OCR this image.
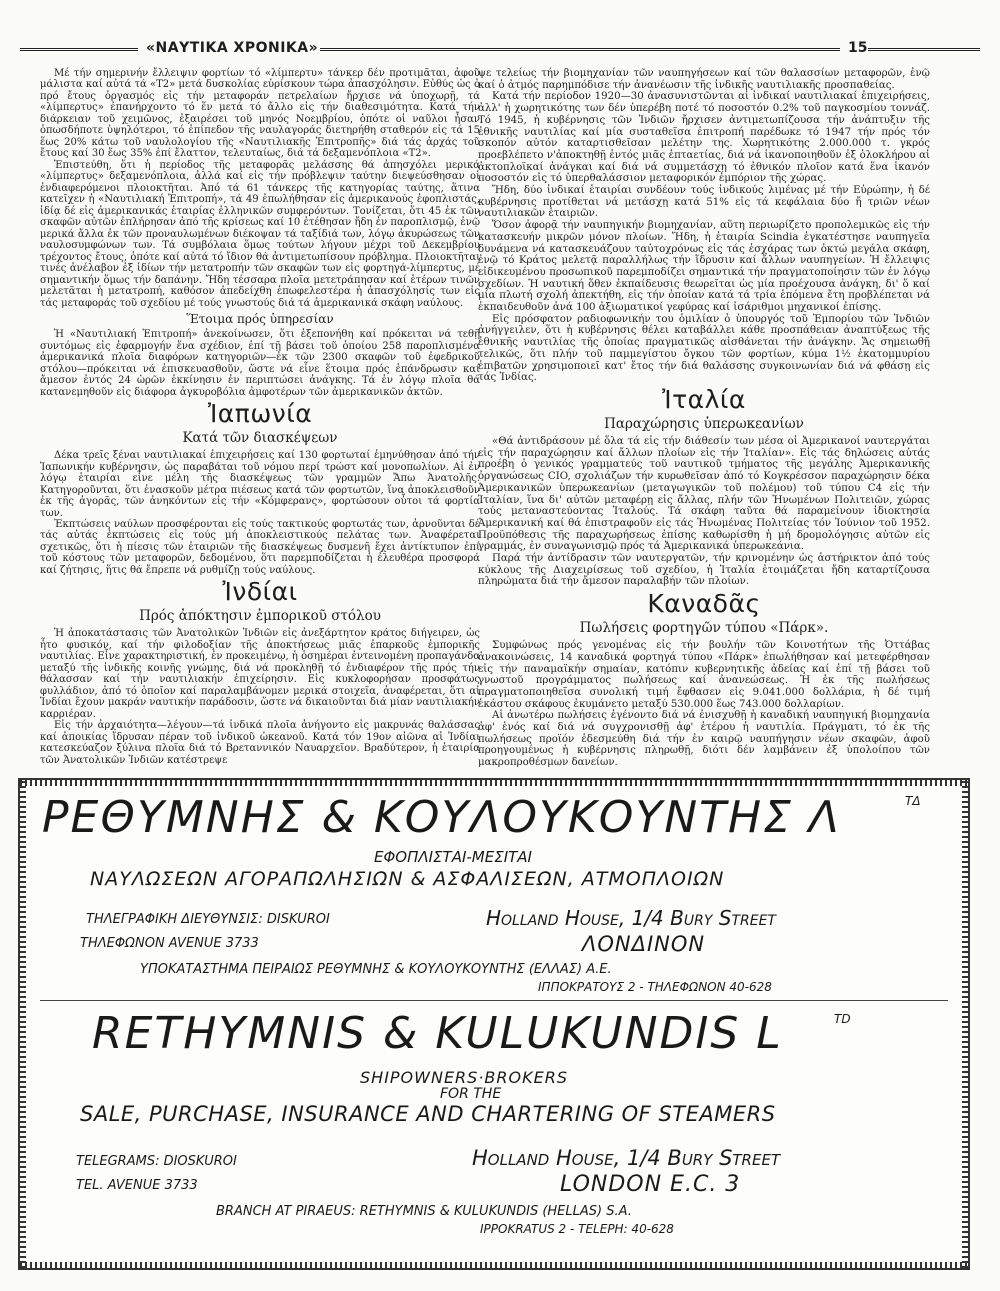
«ΝΑΥΤΙΚΑ ΧΡΟΝΙΚΑ»	15

Μέ τήν σημερινήν ἔλλειψιν φορτίων τό «λίμπερτυ» τάνκερ δέν προτιμᾶται, ἀφοῦ μάλιστα καί αὐτά τά «Τ2» μετά δυσκολίας εὑρίσκουν τώρα ἀπασχόλησιν. Εὐθύς ὡς ὁ πρό ἔτους ὀργασμός εἰς τήν μεταφοράν πετρελαίων ἤρχισε νά ὑποχωρῇ, τά «λίμπερτυς» ἐπανήρχοντο τό ἕν μετά τό ἄλλο εἰς τήν διαθεσιμότητα. Κατά τήν διάρκειαν τοῦ χειμῶνος, ἐξαιρέσει τοῦ μηνός Νοεμβρίου, ὁπότε οἱ ναῦλοι ἦσαν ὁπωσδήποτε ὑψηλότεροι, τό ἐπίπεδον τῆς ναυλαγοράς διετηρήθη σταθερόν εἰς τά 15 ἕως 20% κάτω τοῦ ναυλολογίου τῆς «Ναυτιλιακῆς Ἐπιτροπῆς» διά τάς ἀρχάς τοῦ ἔτους καί 30 ἕως 35% ἐπί ἔλαττον, τελευταίως, διά τά δεξαμενόπλοια «Τ2».

Ἐπιστεύθη, ὅτι ἡ περίοδος τῆς μεταφορᾶς μελάσσης θά ἀπησχόλει μερικά «λίμπερτυς» δεξαμενόπλοια, ἀλλά καί εἰς τήν πρόβλεψιν ταύτην διεψεύσθησαν οἱ ἐνδιαφερόμενοι πλοιοκτῆται. Ἀπό τά 61 τάνκερς τῆς κατηγορίας ταύτης, ἅτινα κατεῖχεν ἡ «Ναυτιλιακή Ἐπιτροπή», τά 49 ἐπωλήθησαν εἰς ἀμερικανούς ἐφοπλιστάς, ἰδίᾳ δέ εἰς ἀμερικανικάς ἑταιρίας ἑλληνικῶν συμφερόντων. Τονίζεται, ὅτι 45 ἐκ τῶν σκαφῶν αὐτῶν ἐπλήρησαν ἀπό τῆς κρίσεως καί 10 ἐτέθησαν ἤδη ἐν παροπλισμῷ, ἐνῷ μερικά ἄλλα ἐκ τῶν προναυλωμένων διέκοψαν τά ταξίδιά των, λόγῳ ἀκυρώσεως τῶν ναυλοσυμφώνων των. Τά συμβόλαια ὅμως τούτων λήγουν μέχρι τοῦ Δεκεμβρίου τρέχοντος ἔτους, ὁπότε καί αὐτά τό ἴδιον θά ἀντιμετωπίσουν πρόβλημα. Πλοιοκτῆται τινές ἀνέλαβον ἐξ ἰδίων τήν μετατροπήν τῶν σκαφῶν των εἰς φορτηγά-λίμπερτυς, μέ σημαντικήν ὅμως τήν δαπάνην. Ἤδη τέσσαρα πλοῖα μετετράπησαν καί ἑτέρων τινῶν μελετᾶται ἡ μετατροπή, καθόσον ἀπεδείχθη ἐπωφελεστέρα ἡ ἀπασχόλησίς των εἰς τάς μεταφοράς τοῦ σχεδίου μέ τούς γνωστούς διά τά ἀμερικανικά σκάφη ναύλους.

Ἕτοιμα πρός ὑπηρεσίαν

Ἡ «Ναυτιλιακή Ἐπιτροπή» ἀνεκοίνωσεν, ὅτι ἐξεπονήθη καί πρόκειται νά τεθῇ συντόμως εἰς ἐφαρμογήν ἕνα σχέδιον, ἐπί τῇ βάσει τοῦ ὁποίου 258 παροπλισμένα ἀμερικανικά πλοῖα διαφόρων κατηγοριῶν—ἐκ τῶν 2300 σκαφῶν τοῦ ἐφεδρικοῦ στόλου—πρόκειται νά ἐπισκευασθοῦν, ὥστε νά εἶνε ἕτοιμα πρός ἐπάνδρωσιν καί ἄμεσον ἐντός 24 ὡρῶν ἐκκίνησιν ἐν περιπτώσει ἀνάγκης. Τά ἐν λόγῳ πλοῖα θά κατανεμηθοῦν εἰς διάφορα ἀγκυροβόλια ἀμφοτέρων τῶν ἀμερικανικῶν ἀκτῶν.

Ἰαπωνία
Κατά τῶν διασκέψεων

Δέκα τρεῖς ξέναι ναυτιλιακαί ἐπιχειρήσεις καί 130 φορτωταί ἐμηνύθησαν ἀπό τήν Ἰαπωνικήν κυβέρνησιν, ὡς παραβάται τοῦ νόμου περί τρώστ καί μονοπωλίων. Αἱ ἐν λόγῳ ἑταιρίαι εἶνε μέλη τῆς διασκέψεως τῶν γραμμῶν Ἄπω Ἀνατολῆς. Κατηγοροῦνται, ὅτι ἐνασκοῦν μέτρα πιέσεως κατά τῶν φορτωτῶν, ἵνα ἀποκλεισθοῦν ἐκ τῆς ἀγορᾶς, τῶν ἀνηκόντων εἰς τήν «Κόμφερανς», φορτώσουν οὗτοι τά φορτία των.

Ἐκπτώσεις ναύλων προσφέρονται εἰς τούς τακτικούς φορτωτάς των, ἀρνοῦνται δέ τάς αὐτάς ἐκπτώσεις εἰς τούς μή ἀποκλειστικούς πελάτας των. Ἀναφέρεται σχετικῶς, ὅτι ἡ πίεσις τῶν ἑταιριῶν τῆς διασκέψεως δυσμενῆ ἔχει ἀντίκτυπον ἐπί τοῦ κόστους τῶν μεταφορῶν, δεδομένου, ὅτι παρεμποδίζεται ἡ ἐλευθέρα προσφορά καί ζήτησις, ἥτις θά ἔπρεπε νά ρυθμίζῃ τούς ναύλους.

Ἰνδίαι
Πρός ἀπόκτησιν ἐμπορικοῦ στόλου

Ἡ ἀποκατάστασις τῶν Ἀνατολικῶν Ἰνδιῶν εἰς ἀνεξάρτητον κράτος διήγειρεν, ὡς ἦτο φυσικόν, καί τήν φιλοδοξίαν τῆς ἀποκτήσεως μιᾶς ἐπαρκοῦς ἐμπορικῆς ναυτιλίας. Εἶνε χαρακτηριστική, ἐν προκειμένῳ, ἡ ὁσημέραι ἐντεινομένη προπαγάνδα μεταξύ τῆς ἰνδικῆς κοινῆς γνώμης, διά νά προκληθῇ τό ἐνδιαφέρον τῆς πρός τήν θάλασσαν καί τήν ναυτιλιακήν ἐπιχείρησιν. Εἰς κυκλοφορήσαν προσφάτως φυλλάδιον, ἀπό τό ὁποῖον καί παραλαμβάνομεν μερικά στοιχεῖα, ἀναφέρεται, ὅτι αἱ Ἰνδίαι ἔχουν μακράν ναυτικήν παράδοσιν, ὥστε νά δικαιοῦνται διά μίαν ναυτιλιακήν καρριέραν.

Εἰς τήν ἀρχαιότητα—λέγουν—τά ἰνδικά πλοῖα ἀνήγοντο εἰς μακρυνάς θαλάσσας καί ἀποικίας ἵδρυσαν πέραν τοῦ ἰνδικοῦ ὠκεανοῦ. Κατά τόν 19ον αἰῶνα αἱ Ἰνδίαι κατεσκεύαζον ξύλινα πλοῖα διά τό Βρεταννικόν Ναυαρχεῖον. Βραδύτερον, ἡ ἑταιρία τῶν Ἀνατολικῶν Ἰνδιῶν κατέστρεψε

ψε τελείως τήν βιομηχανίαν τῶν ναυπηγήσεων καί τῶν θαλασσίων μεταφορῶν, ἐνῷ καί ὁ ἀτμός παρημπόδισε τήν ἀνανέωσιν τῆς ἰνδικῆς ναυτιλιακῆς προσπαθείας.

Κατά τήν περίοδον 1920—30 ἀνασυνιστῶνται αἱ ἰνδικαί ναυτιλιακαί ἐπιχειρήσεις, ἀλλ' ἡ χωρητικότης των δέν ὑπερέβη ποτέ τό ποσοστόν 0.2% τοῦ παγκοσμίου τοννάζ. Τό 1945, ἡ κυβέρνησις τῶν Ἰνδιῶν ἤρχισεν ἀντιμετωπίζουσα τήν ἀνάπτυξιν τῆς ἐθνικῆς ναυτιλίας καί μία συσταθεῖσα ἐπιτροπή παρέδωκε τό 1947 τήν πρός τόν σκοπόν αὐτόν καταρτισθεῖσαν μελέτην της. Χωρητικότης 2.000.000 τ. γκρός προεβλέπετο ν'ἀποκτηθῇ ἐντός μιᾶς ἑπταετίας, διά νά ἱκανοποιηθοῦν ἐξ ὁλοκλήρου αἱ ἀκτοπλοϊκαί ἀνάγκαι καί διά νά συμμετάσχῃ τό ἐθνικόν πλοῖον κατά ἕνα ἱκανόν ποσοστόν εἰς τό ὑπερθαλάσσιον μεταφορικόν ἐμπόριον τῆς χώρας.

Ἤδη, δύο ἰνδικαί ἑταιρίαι συνδέουν τούς ἰνδικούς λιμένας μέ τήν Εὐρώπην, ἡ δέ κυβέρνησις προτίθεται νά μετάσχῃ κατά 51% εἰς τά κεφάλαια δύο ἤ τριῶν νέων ναυτιλιακῶν ἑταιριῶν.

Ὅσον ἀφορᾷ τήν ναυπηγικήν βιομηχανίαν, αὕτη περιωρίζετο προπολεμικῶς εἰς τήν κατασκευήν μικρῶν μόνον πλοίων. Ἤδη, ἡ ἑταιρία Scindia ἐγκατέστησε ναυπηγεῖα δυνάμενα νά κατασκευάζουν ταὐτοχρόνως εἰς τάς ἐσχάρας των ὀκτώ μεγάλα σκάφη, ἐνῷ τό Κράτος μελετᾷ παραλλήλως τήν ἵδρυσιν καί ἄλλων ναυπηγείων. Ἡ ἔλλειψις εἰδικευμένου προσωπικοῦ παρεμποδίζει σημαντικά τήν πραγματοποίησιν τῶν ἐν λόγῳ σχεδίων. Ἡ ναυτική ὅθεν ἐκπαίδευσις θεωρεῖται ὡς μία προέχουσα ἀνάγκη, δι' ὅ καί μία πλωτή σχολή ἀπεκτήθη, εἰς τήν ὁποίαν κατά τά τρία ἑπόμενα ἔτη προβλέπεται νά ἐκπαιδευθοῦν ἀνά 100 ἀξιωματικοί γεφύρας καί ἰσάριθμοι μηχανικοί ἐπίσης.

Εἰς πρόσφατον ραδιοφωνικήν του ὁμιλίαν ὁ ὑπουργός τοῦ Ἐμπορίου τῶν Ἰνδιῶν ἀνήγγειλεν, ὅτι ἡ κυβέρνησις θέλει καταβάλλει κάθε προσπάθειαν ἀναπτύξεως τῆς ἐθνικῆς ναυτιλίας τῆς ὁποίας πραγματικῶς αἰσθάνεται τήν ἀνάγκην. Ἄς σημειωθῇ τελικῶς, ὅτι πλήν τοῦ παμμεγίστου ὄγκου τῶν φορτίων, κύμα 1½ ἑκατομμυρίου ἐπιβατῶν χρησιμοποιεῖ κατ' ἔτος τήν διά θαλάσσης συγκοινωνίαν διά νά φθάσῃ εἰς τάς Ἰνδίας.

Ἰταλία
Παραχώρησις ὑπερωκεανίων

«Θά ἀντιδράσουν μέ ὅλα τά εἰς τήν διάθεσίν των μέσα οἱ Ἀμερικανοί ναυτεργάται εἰς τήν παραχώρησιν καί ἄλλων πλοίων εἰς τήν Ἰταλίαν». Εἰς τάς δηλώσεις αὐτάς προέβη ὁ γενικός γραμματεύς τοῦ ναυτικοῦ τμήματος τῆς μεγάλης Ἀμερικανικῆς ὀργανώσεως CIO, σχολιάζων τήν κυρωθεῖσαν ἀπό τό Κογκρέσσον παραχώρησιν δέκα Ἀμερικανικῶν ὑπερωκεανίων (μεταγωγικῶν τοῦ πολέμου) τοῦ τύπου C4 εἰς τήν Ἰταλίαν, ἵνα δι' αὐτῶν μεταφέρῃ εἰς ἄλλας, πλήν τῶν Ἡνωμένων Πολιτειῶν, χώρας τούς μεταναστεύοντας Ἰταλούς. Τά σκάφη ταῦτα θά παραμείνουν ἰδιοκτησία Ἀμερικανική καί θά ἐπιστραφοῦν εἰς τάς Ἡνωμένας Πολιτείας τόν Ἰούνιον τοῦ 1952. Προϋπόθεσις τῆς παραχωρήσεως ἐπίσης καθωρίσθη ἡ μή δρομολόγησις αὐτῶν εἰς γραμμάς, ἐν συναγωνισμῷ πρός τά Ἀμερικανικά ὑπερωκεάνια.

Παρά τήν ἀντίδρασιν τῶν ναυτεργατῶν, τήν κρινομένην ὡς ἀστήρικτον ἀπό τούς κύκλους τῆς Διαχειρίσεως τοῦ σχεδίου, ἡ Ἰταλία ἑτοιμάζεται ἤδη καταρτίζουσα πληρώματα διά τήν ἄμεσον παραλαβήν τῶν πλοίων.

Καναδᾶς
Πωλήσεις φορτηγῶν τύπου «Πάρκ».

Συμφώνως πρός γενομένας εἰς τήν βουλήν τῶν Κοινοτήτων τῆς Ὀττάβας ἀνακοινώσεις, 14 καναδικά φορτηγά τύπου «Πάρκ» ἐπωλήθησαν καί μετεφέρθησαν εἰς τήν παναμαϊκήν σημαίαν, κατόπιν κυβερνητικῆς ἀδείας καί ἐπί τῇ βάσει τοῦ γνωστοῦ προγράμματος πωλήσεως καί ἀνανεώσεως. Ἡ ἐκ τῆς πωλήσεως πραγματοποιηθεῖσα συνολική τιμή ἔφθασεν εἰς 9.041.000 δολλάρια, ἡ δέ τιμή ἑκάστου σκάφους ἐκυμάνετο μεταξύ 530.000 ἕως 743.000 δολλαρίων.

Αἱ ἀνωτέρω πωλήσεις ἐγένοντο διά νά ἐνισχυθῇ ἡ καναδική ναυπηγική βιομηχανία ἀφ' ἑνός καί διά νά συγχρονισθῇ ἀφ' ἑτέρου ἡ ναυτιλία. Πράγματι, τό ἐκ τῆς πωλήσεως προϊόν ἐδεσμεύθη διά τήν ἐν καιρῷ ναυπήγησιν νέων σκαφῶν, ἀφοῦ προηγουμένως ἡ κυβέρνησις πληρωθῇ, διότι δέν λαμβάνειν ἐξ ὑπολοίπου τῶν μακροπροθέσμων δανείων.

ΡΕΘΥΜΝΗΣ & ΚΟΥΛΟΥΚΟΥΝΤΗΣ Λ	ΤΔ
ΕΦΟΠΛΙΣΤΑΙ-ΜΕΣΙΤΑΙ
ΝΑΥΛΩΣΕΩΝ ΑΓΟΡΑΠΩΛΗΣΙΩΝ & ΑΣΦΑΛΙΣΕΩΝ, ΑΤΜΟΠΛΟΙΩΝ
ΤΗΛΕΓΡΑΦΙΚΗ ΔΙΕΥΘΥΝΣΙΣ: DISKUROI	Holland House, 1/4 Bury Street
ΤΗΛΕΦΩΝΟΝ AVENUE 3733	ΛΟΝΔΙΝΟΝ
ΥΠΟΚΑΤΑΣΤΗΜΑ ΠΕΙΡΑΙΩΣ ΡΕΘΥΜΝΗΣ & ΚΟΥΛΟΥΚΟΥΝΤΗΣ (ΕΛΛΑΣ) Α.Ε.
ΙΠΠΟΚΡΑΤΟΥΣ 2 - ΤΗΛΕΦΩΝΟΝ 40-628
RETHYMNIS & KULUKUNDIS L	TD
SHIPOWNERS·BROKERS
FOR THE
SALE, PURCHASE, INSURANCE AND CHARTERING OF STEAMERS
TELEGRAMS: DIOSKUROI	Holland House, 1/4 Bury Street
TEL. AVENUE 3733	LONDON E.C. 3
BRANCH AT PIRAEUS: RETHYMNIS & KULUKUNDIS (HELLAS) S.A.
IPPOKRATUS 2 - TELEPH: 40-628
